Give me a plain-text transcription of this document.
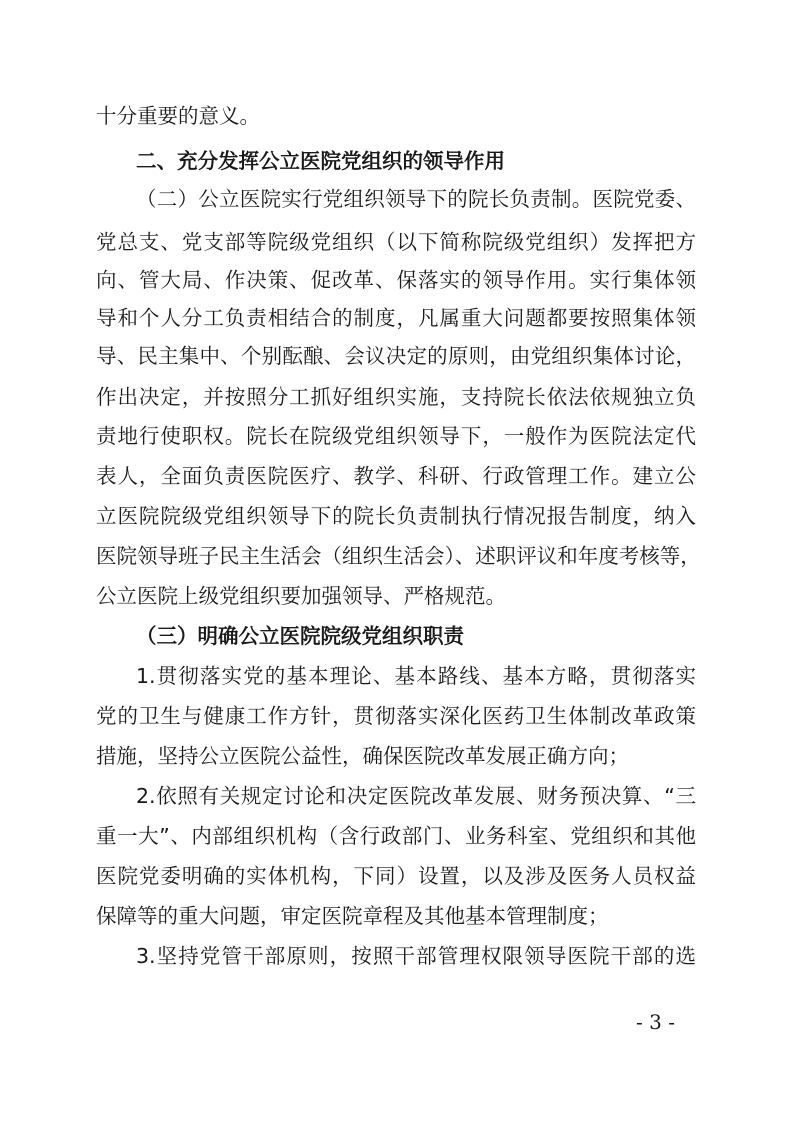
十分重要的意义。
二、充分发挥公立医院党组织的领导作用
（二）公立医院实行党组织领导下的院长负责制。医院党委、
党总支、党支部等院级党组织（以下简称院级党组织）发挥把方
向、管大局、作决策、促改革、保落实的领导作用。实行集体领
导和个人分工负责相结合的制度，凡属重大问题都要按照集体领
导、民主集中、个别酝酿、会议决定的原则，由党组织集体讨论，
作出决定，并按照分工抓好组织实施，支持院长依法依规独立负
责地行使职权。院长在院级党组织领导下，一般作为医院法定代
表人，全面负责医院医疗、教学、科研、行政管理工作。建立公
立医院院级党组织领导下的院长负责制执行情况报告制度，纳入
医院领导班子民主生活会（组织生活会）、述职评议和年度考核等，
公立医院上级党组织要加强领导、严格规范。
（三）明确公立医院院级党组织职责
1.贯彻落实党的基本理论、基本路线、基本方略，贯彻落实
党的卫生与健康工作方针，贯彻落实深化医药卫生体制改革政策
措施，坚持公立医院公益性，确保医院改革发展正确方向；
2.依照有关规定讨论和决定医院改革发展、财务预决算、“三
重一大”、内部组织机构（含行政部门、业务科室、党组织和其他
医院党委明确的实体机构，下同）设置，以及涉及医务人员权益
保障等的重大问题，审定医院章程及其他基本管理制度；
3.坚持党管干部原则，按照干部管理权限领导医院干部的选
- 3 -
